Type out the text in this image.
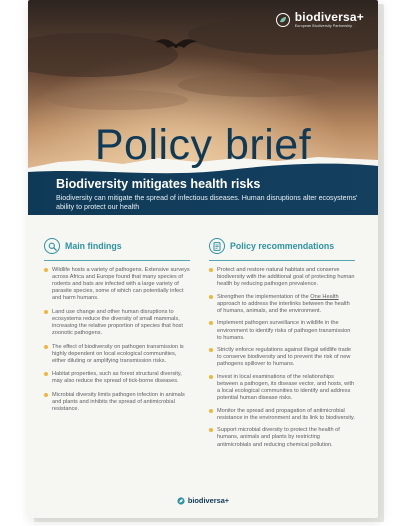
biodiversa+
European Biodiversity Partnership
Policy brief
Biodiversity mitigates health risks
Biodiversity can mitigate the spread of infectious diseases. Human disruptions alter ecosystems' ability to protect our health
Main findings
Wildlife hosts a variety of pathogens. Extensive surveys across Africa and Europe found that many species of rodents and bats are infected with a large variety of parasite species, some of which can potentially infect and harm humans.
Land use change and other human disruptions to ecosystems reduce the diversity of small mammals, increasing the relative proportion of species that host zoonotic pathogens.
The effect of biodiversity on pathogen transmission is highly dependent on local ecological communities, either diluting or amplifying transmission risks.
Habitat properties, such as forest structural diversity, may also reduce the spread of tick-borne diseases.
Microbial diversity limits pathogen infection in animals and plants and inhibits the spread of antimicrobial resistance.
Policy recommendations
Protect and restore natural habitats and conserve biodiversity with the additional goal of protecting human health by reducing pathogen prevalence.
Strengthen the implementation of the One Health approach to address the interlinks between the health of humans, animals, and the environment.
Implement pathogen surveillance in wildlife in the environment to identify risks of pathogen transmission to humans.
Strictly enforce regulations against illegal wildlife trade to conserve biodiversity and to prevent the risk of new pathogens spillover to humans.
Invest in local examinations of the relationships between a pathogen, its disease vector, and hosts, with a local ecological communities to identify and address potential human disease risks.
Monitor the spread and propagation of antimicrobial resistance in the environment and its link to biodiversity.
Support microbial diversity to protect the health of humans, animals and plants by restricting antimicrobials and reducing chemical pollution.
biodiversa+
